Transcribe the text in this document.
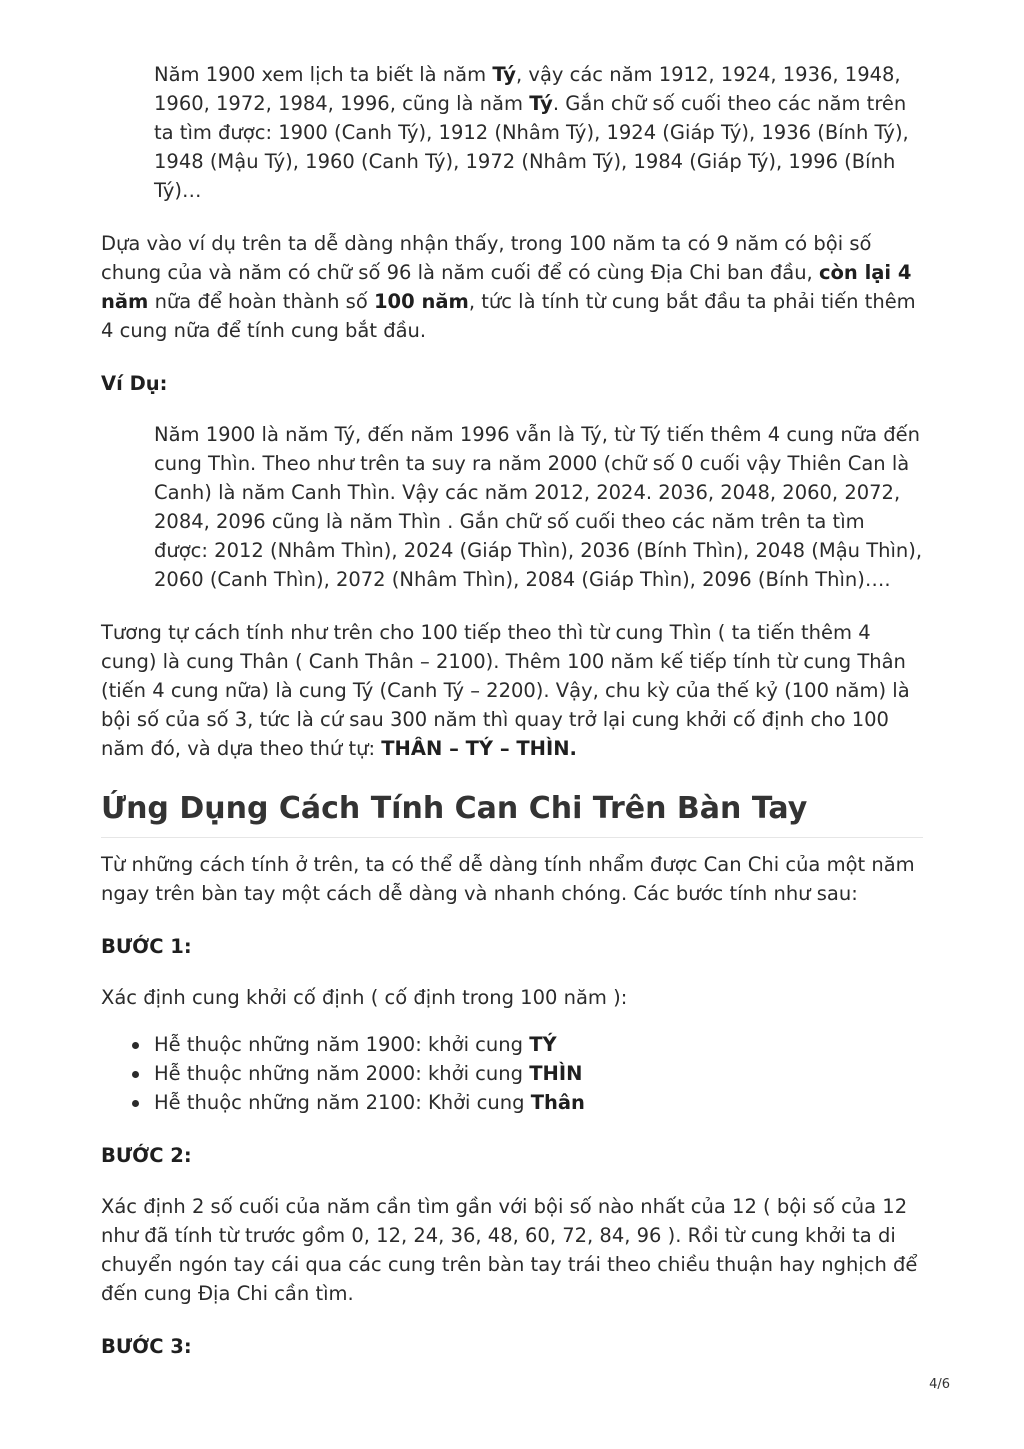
Năm 1900 xem lịch ta biết là năm Tý, vậy các năm 1912, 1924, 1936, 1948, 1960, 1972, 1984, 1996, cũng là năm Tý. Gắn chữ số cuối theo các năm trên ta tìm được: 1900 (Canh Tý), 1912 (Nhâm Tý), 1924 (Giáp Tý), 1936 (Bính Tý), 1948 (Mậu Tý), 1960 (Canh Tý), 1972 (Nhâm Tý), 1984 (Giáp Tý), 1996 (Bính Tý)…

Dựa vào ví dụ trên ta dễ dàng nhận thấy, trong 100 năm ta có 9 năm có bội số chung của và năm có chữ số 96 là năm cuối để có cùng Địa Chi ban đầu, còn lại 4 năm nữa để hoàn thành số 100 năm, tức là tính từ cung bắt đầu ta phải tiến thêm 4 cung nữa để tính cung bắt đầu.

Ví Dụ:

Năm 1900 là năm Tý, đến năm 1996 vẫn là Tý, từ Tý tiến thêm 4 cung nữa đến cung Thìn. Theo như trên ta suy ra năm 2000 (chữ số 0 cuối vậy Thiên Can là Canh) là năm Canh Thìn. Vậy các năm 2012, 2024. 2036, 2048, 2060, 2072, 2084, 2096 cũng là năm Thìn . Gắn chữ số cuối theo các năm trên ta tìm được: 2012 (Nhâm Thìn), 2024 (Giáp Thìn), 2036 (Bính Thìn), 2048 (Mậu Thìn), 2060 (Canh Thìn), 2072 (Nhâm Thìn), 2084 (Giáp Thìn), 2096 (Bính Thìn)….

Tương tự cách tính như trên cho 100 tiếp theo thì từ cung Thìn ( ta tiến thêm 4 cung) là cung Thân ( Canh Thân – 2100). Thêm 100 năm kế tiếp tính từ cung Thân (tiến 4 cung nữa) là cung Tý (Canh Tý – 2200). Vậy, chu kỳ của thế kỷ (100 năm) là bội số của số 3, tức là cứ sau 300 năm thì quay trở lại cung khởi cố định cho 100 năm đó, và dựa theo thứ tự: THÂN – TÝ – THÌN.

Ứng Dụng Cách Tính Can Chi Trên Bàn Tay

Từ những cách tính ở trên, ta có thể dễ dàng tính nhẩm được Can Chi của một năm ngay trên bàn tay một cách dễ dàng và nhanh chóng. Các bước tính như sau:

BƯỚC 1:

Xác định cung khởi cố định ( cố định trong 100 năm ):

Hễ thuộc những năm 1900: khởi cung TÝ
Hễ thuộc những năm 2000: khởi cung THÌN
Hễ thuộc những năm 2100: Khởi cung Thân

BƯỚC 2:

Xác định 2 số cuối của năm cần tìm gần với bội số nào nhất của 12 ( bội số của 12 như đã tính từ trước gồm 0, 12, 24, 36, 48, 60, 72, 84, 96 ). Rồi từ cung khởi ta di chuyển ngón tay cái qua các cung trên bàn tay trái theo chiều thuận hay nghịch để đến cung Địa Chi cần tìm.

BƯỚC 3:

4/6
